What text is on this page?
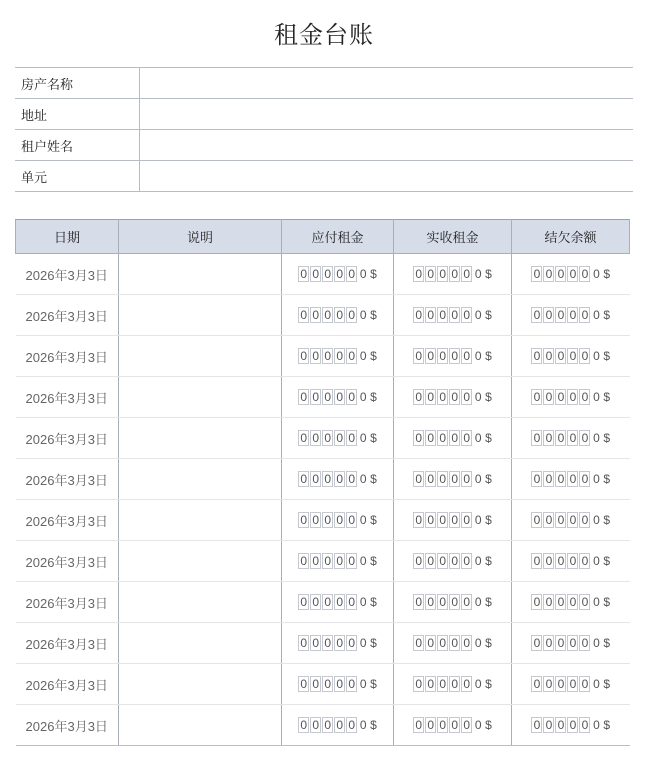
租金台账
房产名称	
地址	
租户姓名	
单元	
日期	说明	应付租金	实收租金	结欠余额
2026年3月3日		0 0 0 0 0 0 $	0 0 0 0 0 0 $	0 0 0 0 0 0 $
2026年3月3日		0 0 0 0 0 0 $	0 0 0 0 0 0 $	0 0 0 0 0 0 $
2026年3月3日		0 0 0 0 0 0 $	0 0 0 0 0 0 $	0 0 0 0 0 0 $
2026年3月3日		0 0 0 0 0 0 $	0 0 0 0 0 0 $	0 0 0 0 0 0 $
2026年3月3日		0 0 0 0 0 0 $	0 0 0 0 0 0 $	0 0 0 0 0 0 $
2026年3月3日		0 0 0 0 0 0 $	0 0 0 0 0 0 $	0 0 0 0 0 0 $
2026年3月3日		0 0 0 0 0 0 $	0 0 0 0 0 0 $	0 0 0 0 0 0 $
2026年3月3日		0 0 0 0 0 0 $	0 0 0 0 0 0 $	0 0 0 0 0 0 $
2026年3月3日		0 0 0 0 0 0 $	0 0 0 0 0 0 $	0 0 0 0 0 0 $
2026年3月3日		0 0 0 0 0 0 $	0 0 0 0 0 0 $	0 0 0 0 0 0 $
2026年3月3日		0 0 0 0 0 0 $	0 0 0 0 0 0 $	0 0 0 0 0 0 $
2026年3月3日		0 0 0 0 0 0 $	0 0 0 0 0 0 $	0 0 0 0 0 0 $
